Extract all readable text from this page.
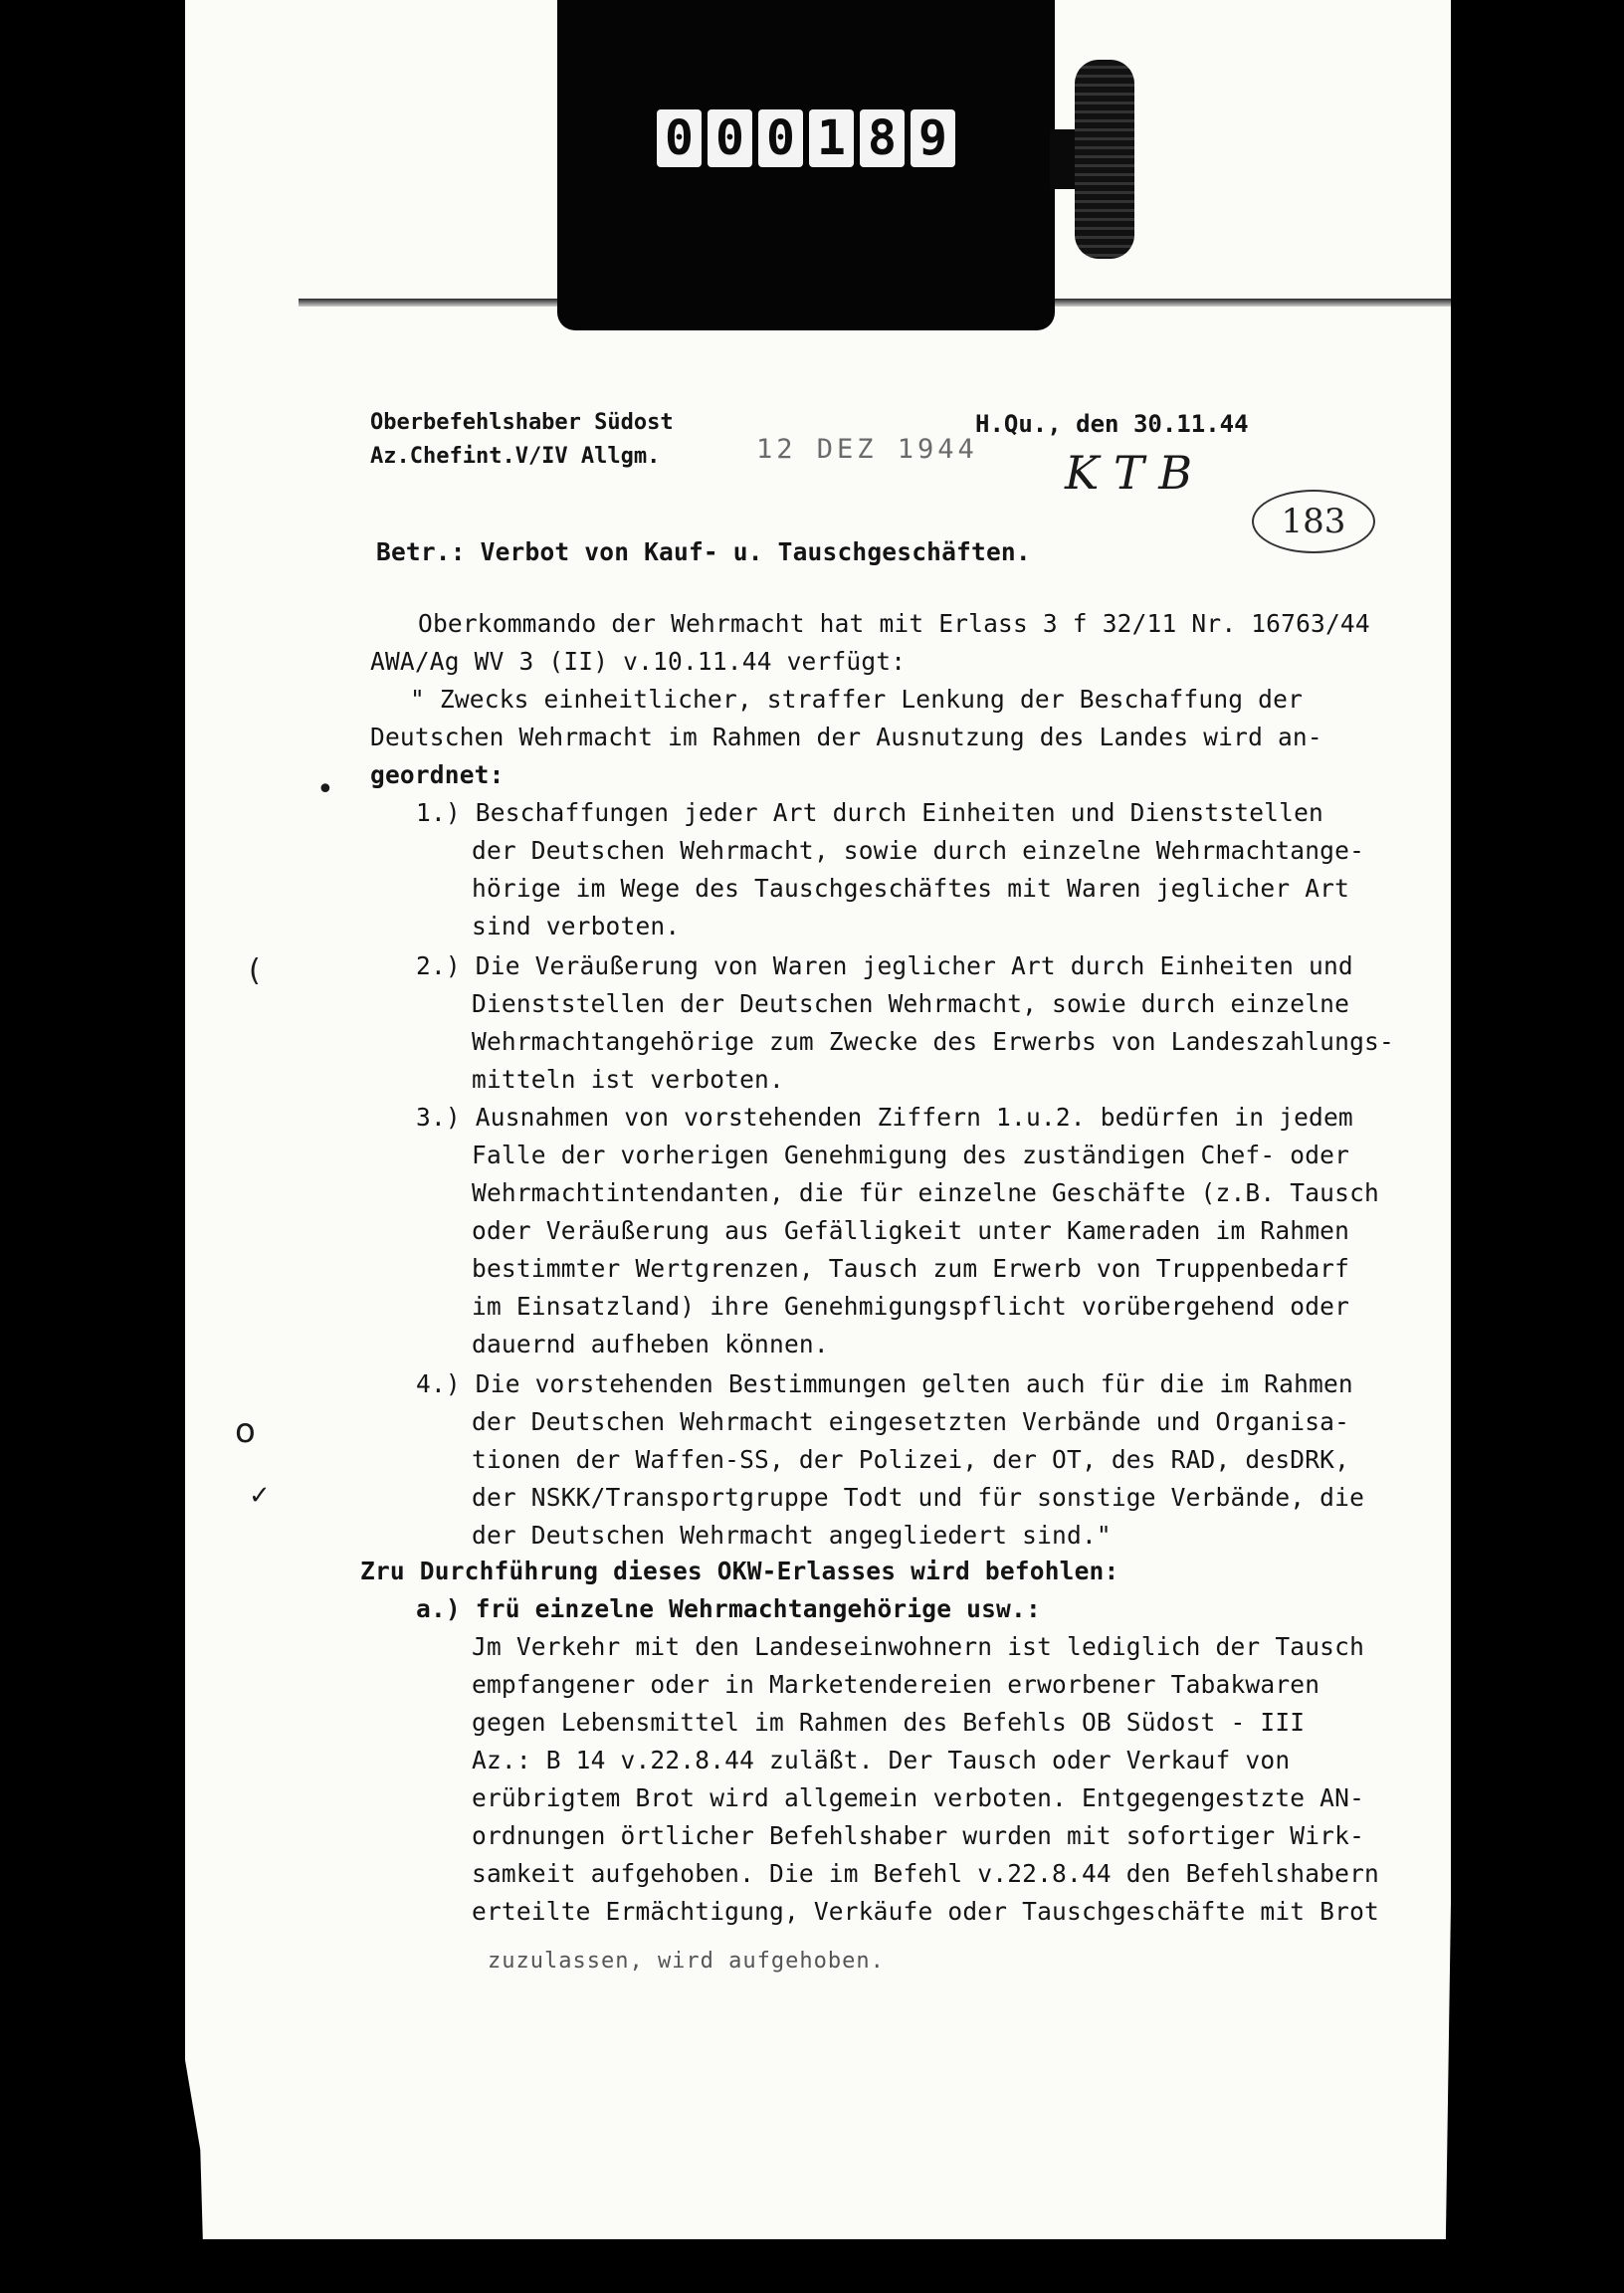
0 0 0 1 8 9
Oberbefehlshaber Südost
Az.Chefint.V/IV Allgm.	12 DEZ 1944
H.Qu., den 30.11.44
K T B
183
Betr.: Verbot von Kauf- u. Tauschgeschäften.
Oberkommando der Wehrmacht hat mit Erlass 3 f 32/11 Nr. 16763/44
AWA/Ag WV 3 (II) v.10.11.44 verfügt:
" Zwecks einheitlicher, straffer Lenkung der Beschaffung der
Deutschen Wehrmacht im Rahmen der Ausnutzung des Landes wird an-
geordnet:
1.) Beschaffungen jeder Art durch Einheiten und Dienststellen
der Deutschen Wehrmacht, sowie durch einzelne Wehrmachtange-
hörige im Wege des Tauschgeschäftes mit Waren jeglicher Art
sind verboten.
2.) Die Veräußerung von Waren jeglicher Art durch Einheiten und
Dienststellen der Deutschen Wehrmacht, sowie durch einzelne
Wehrmachtangehörige zum Zwecke des Erwerbs von Landeszahlungs-
mitteln ist verboten.
3.) Ausnahmen von vorstehenden Ziffern 1.u.2. bedürfen in jedem
Falle der vorherigen Genehmigung des zuständigen Chef- oder
Wehrmachtintendanten, die für einzelne Geschäfte (z.B. Tausch
oder Veräußerung aus Gefälligkeit unter Kameraden im Rahmen
bestimmter Wertgrenzen, Tausch zum Erwerb von Truppenbedarf
im Einsatzland) ihre Genehmigungspflicht vorübergehend oder
dauernd aufheben können.
4.) Die vorstehenden Bestimmungen gelten auch für die im Rahmen
der Deutschen Wehrmacht eingesetzten Verbände und Organisa-
tionen der Waffen-SS, der Polizei, der OT, des RAD, desDRK,
der NSKK/Transportgruppe Todt und für sonstige Verbände, die
der Deutschen Wehrmacht angegliedert sind."
Zru Durchführung dieses OKW-Erlasses wird befohlen:
a.) frü einzelne Wehrmachtangehörige usw.:
Jm Verkehr mit den Landeseinwohnern ist lediglich der Tausch
empfangener oder in Marketendereien erworbener Tabakwaren
gegen Lebensmittel im Rahmen des Befehls OB Südost - III
Az.: B 14 v.22.8.44 zuläßt. Der Tausch oder Verkauf von
erübrigtem Brot wird allgemein verboten. Entgegengestzte AN-
ordnungen örtlicher Befehlshaber wurden mit sofortiger Wirk-
samkeit aufgehoben. Die im Befehl v.22.8.44 den Befehlshabern
erteilte Ermächtigung, Verkäufe oder Tauschgeschäfte mit Brot
zuzulassen, wird aufgehoben.
(
o
✓
•
